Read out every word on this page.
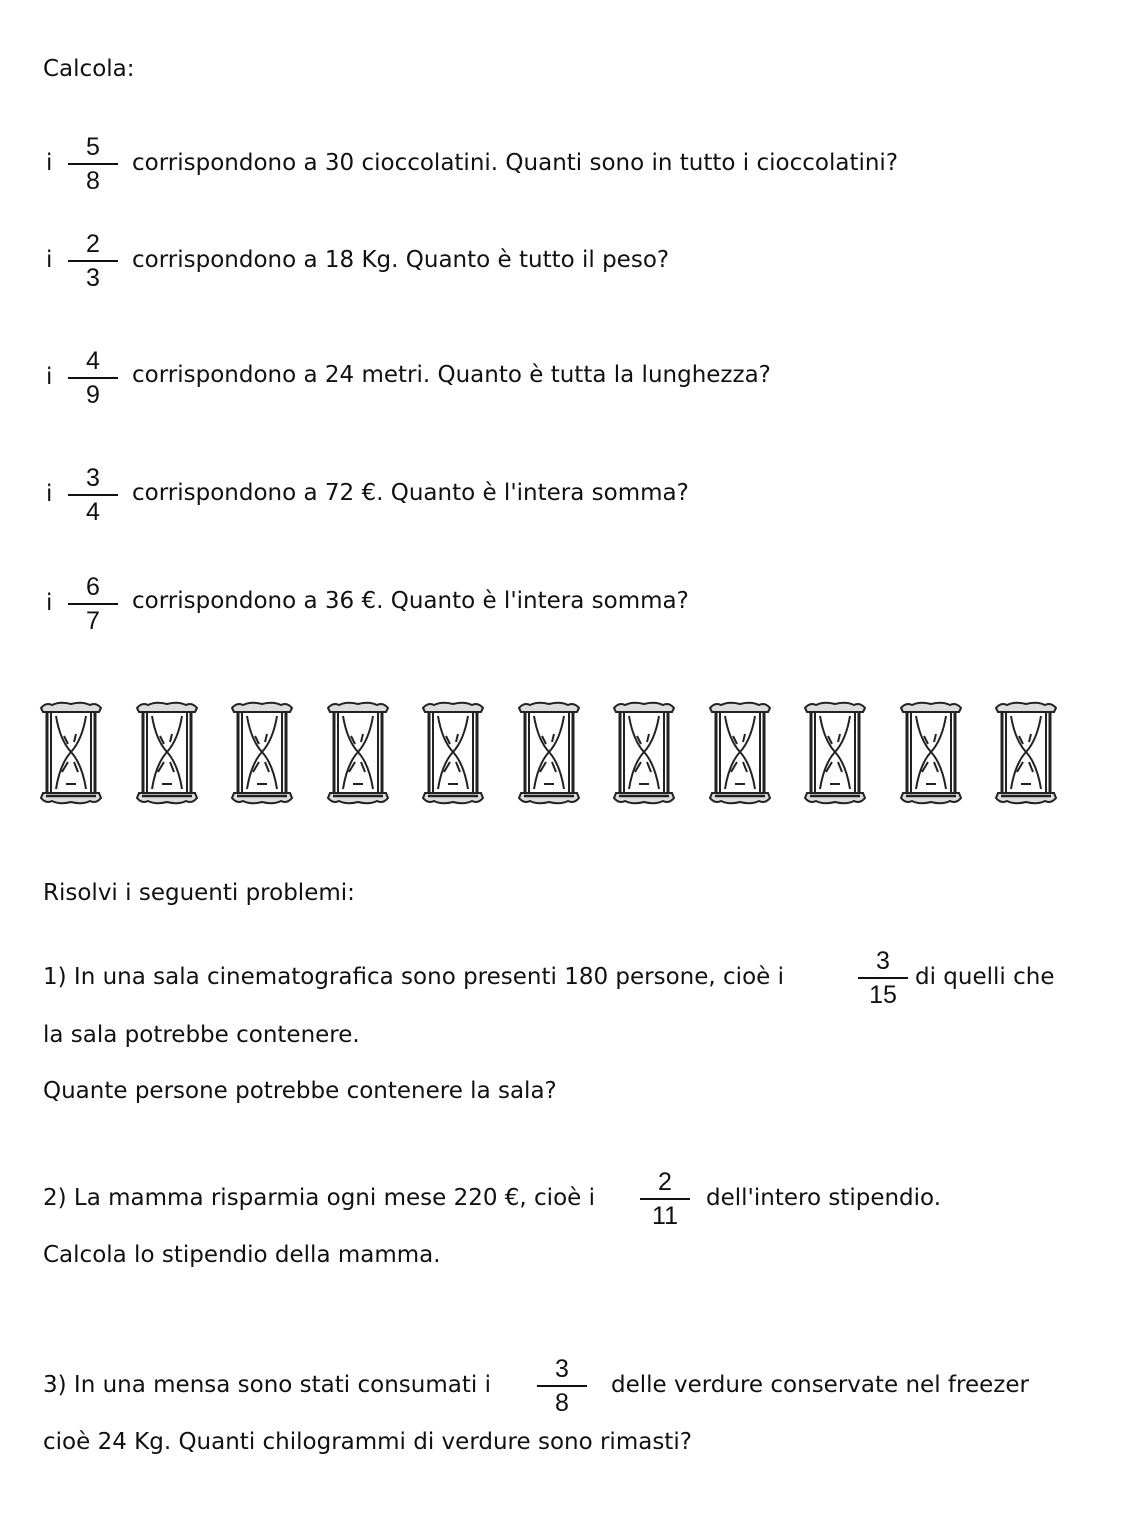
Calcola:
i
5
8
corrispondono a 30 cioccolatini. Quanti sono in tutto i cioccolatini?
i
2
3
corrispondono a 18 Kg. Quanto è tutto il peso?
i
4
9
corrispondono a 24 metri. Quanto è tutta la lunghezza?
i
3
4
corrispondono a 72 €. Quanto è l'intera somma?
i
6
7
corrispondono a 36 €. Quanto è l'intera somma?
Risolvi i seguenti problemi:
1) In una sala cinematografica sono presenti 180 persone, cioè i
3
15
di quelli che
la sala potrebbe contenere.
Quante persone potrebbe contenere la sala?
2) La mamma risparmia ogni mese 220 €, cioè i
2
11
dell'intero stipendio.
Calcola lo stipendio della mamma.
3) In una mensa sono stati consumati i
3
8
delle verdure conservate nel freezer
cioè 24 Kg. Quanti chilogrammi di verdure sono rimasti?
